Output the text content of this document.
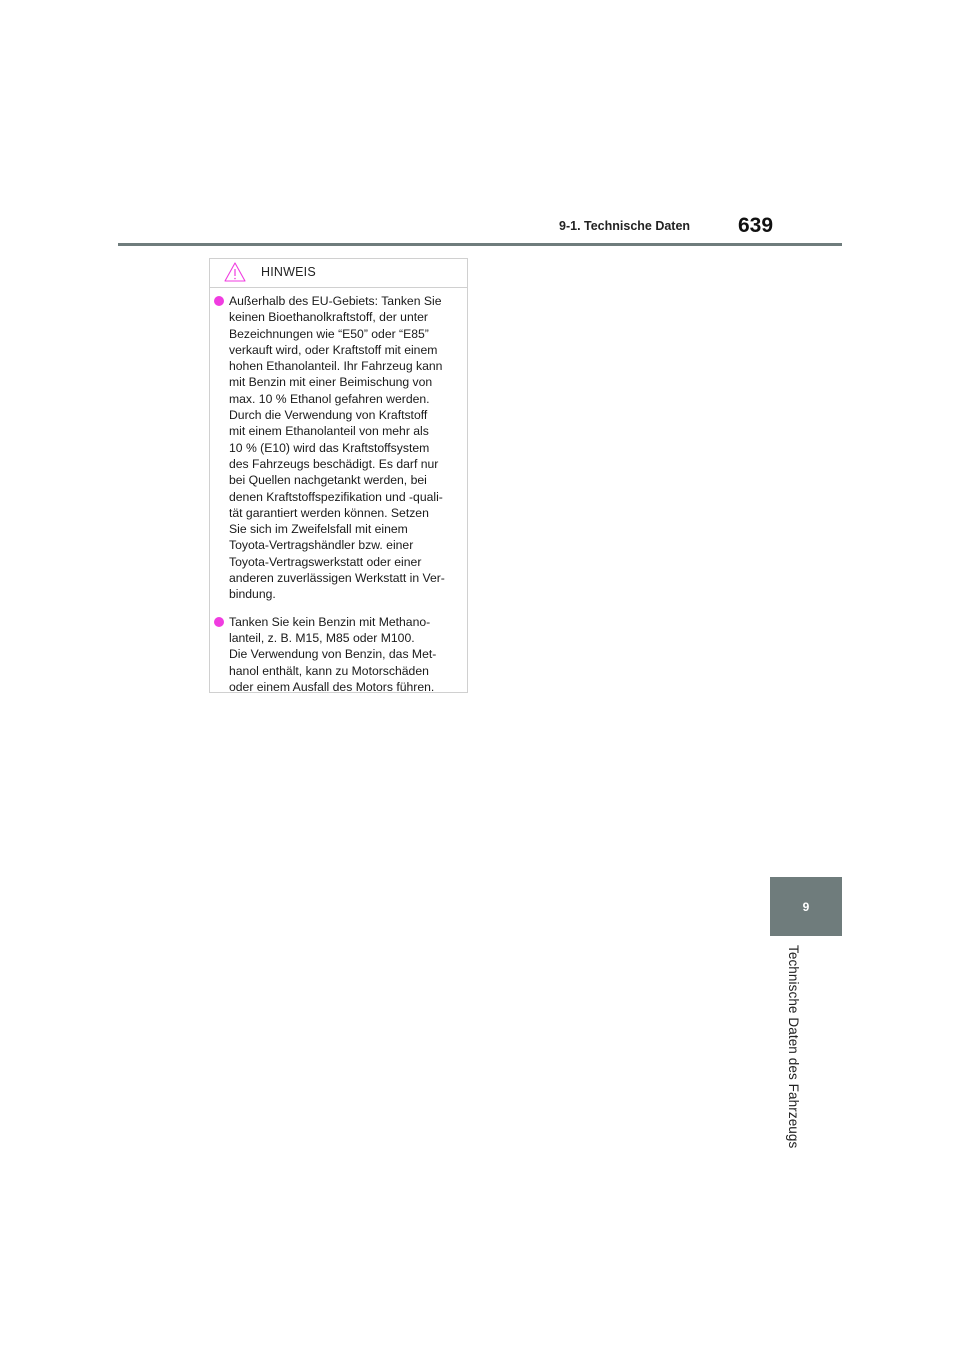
9-1. Technische Daten 639
HINWEIS
Außerhalb des EU-Gebiets: Tanken Sie
keinen Bioethanolkraftstoff, der unter
Bezeichnungen wie “E50” oder “E85”
verkauft wird, oder Kraftstoff mit einem
hohen Ethanolanteil. Ihr Fahrzeug kann
mit Benzin mit einer Beimischung von
max. 10 % Ethanol gefahren werden.
Durch die Verwendung von Kraftstoff
mit einem Ethanolanteil von mehr als
10 % (E10) wird das Kraftstoffsystem
des Fahrzeugs beschädigt. Es darf nur
bei Quellen nachgetankt werden, bei
denen Kraftstoffspezifikation und -quali-
tät garantiert werden können. Setzen
Sie sich im Zweifelsfall mit einem
Toyota-Vertragshändler bzw. einer
Toyota-Vertragswerkstatt oder einer
anderen zuverlässigen Werkstatt in Ver-
bindung.
Tanken Sie kein Benzin mit Methano-
lanteil, z. B. M15, M85 oder M100.
Die Verwendung von Benzin, das Met-
hanol enthält, kann zu Motorschäden
oder einem Ausfall des Motors führen.
9
Technische Daten des Fahrzeugs
